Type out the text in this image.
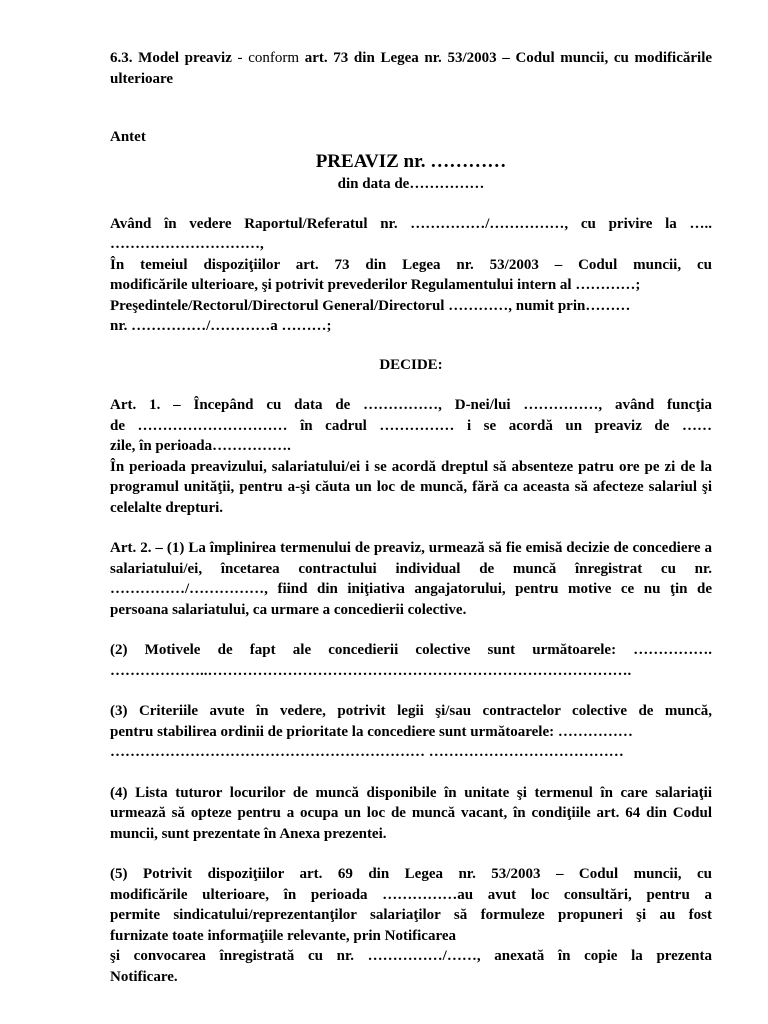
6.3. Model preaviz - conform art. 73 din Legea nr. 53/2003 – Codul muncii, cu modificările ulterioare

Antet

PREAVIZ nr. …………
din data de……………

Având în vedere Raportul/Referatul nr. ……………/……………, cu privire la …..

…………………………,

În temeiul dispoziţiilor art. 73 din Legea nr. 53/2003 – Codul muncii, cu

modificările ulterioare, şi potrivit prevederilor Regulamentului intern al …………;

Preşedintele/Rectorul/Directorul General/Directorul …………, numit prin………

nr. ……………/…………a ………;

DECIDE:

Art. 1. – Începând cu data de ……………, D-nei/lui ……………, având funcţia

de ………………………… în cadrul …………… i se acordă un preaviz de ……

zile, în perioada…………….

În perioada preavizului, salariatului/ei i se acordă dreptul să absenteze patru ore pe zi de la programul unităţii, pentru a-şi căuta un loc de muncă, fără ca aceasta să afecteze salariul şi celelalte drepturi.

Art. 2. – (1) La împlinirea termenului de preaviz, urmează să fie emisă decizie de concediere a salariatului/ei, încetarea contractului individual de muncă înregistrat cu nr. ……………/……………, fiind din iniţiativa angajatorului, pentru motive ce nu ţin de persoana salariatului, ca urmare a concedierii colective.

(2) Motivele de fapt ale concedierii colective sunt următoarele: …………….

………………..………………………………………………………………………….

(3) Criteriile avute în vedere, potrivit legii şi/sau contractelor colective de muncă,

pentru stabilirea ordinii de prioritate la concediere sunt următoarele: ……………

……………………………………………………… …………………………………

(4) Lista tuturor locurilor de muncă disponibile în unitate şi termenul în care salariaţii urmează să opteze pentru a ocupa un loc de muncă vacant, în condiţiile art. 64 din Codul muncii, sunt prezentate în Anexa prezentei.

(5) Potrivit dispoziţiilor art. 69 din Legea nr. 53/2003 – Codul muncii, cu

modificările ulterioare, în perioada ……………au avut loc consultări, pentru a

permite sindicatului/reprezentanţilor salariaţilor să formuleze propuneri şi au fost

furnizate toate informaţiile relevante, prin Notificarea

şi convocarea înregistrată cu nr. ……………/……, anexată în copie la prezenta

Notificare.
